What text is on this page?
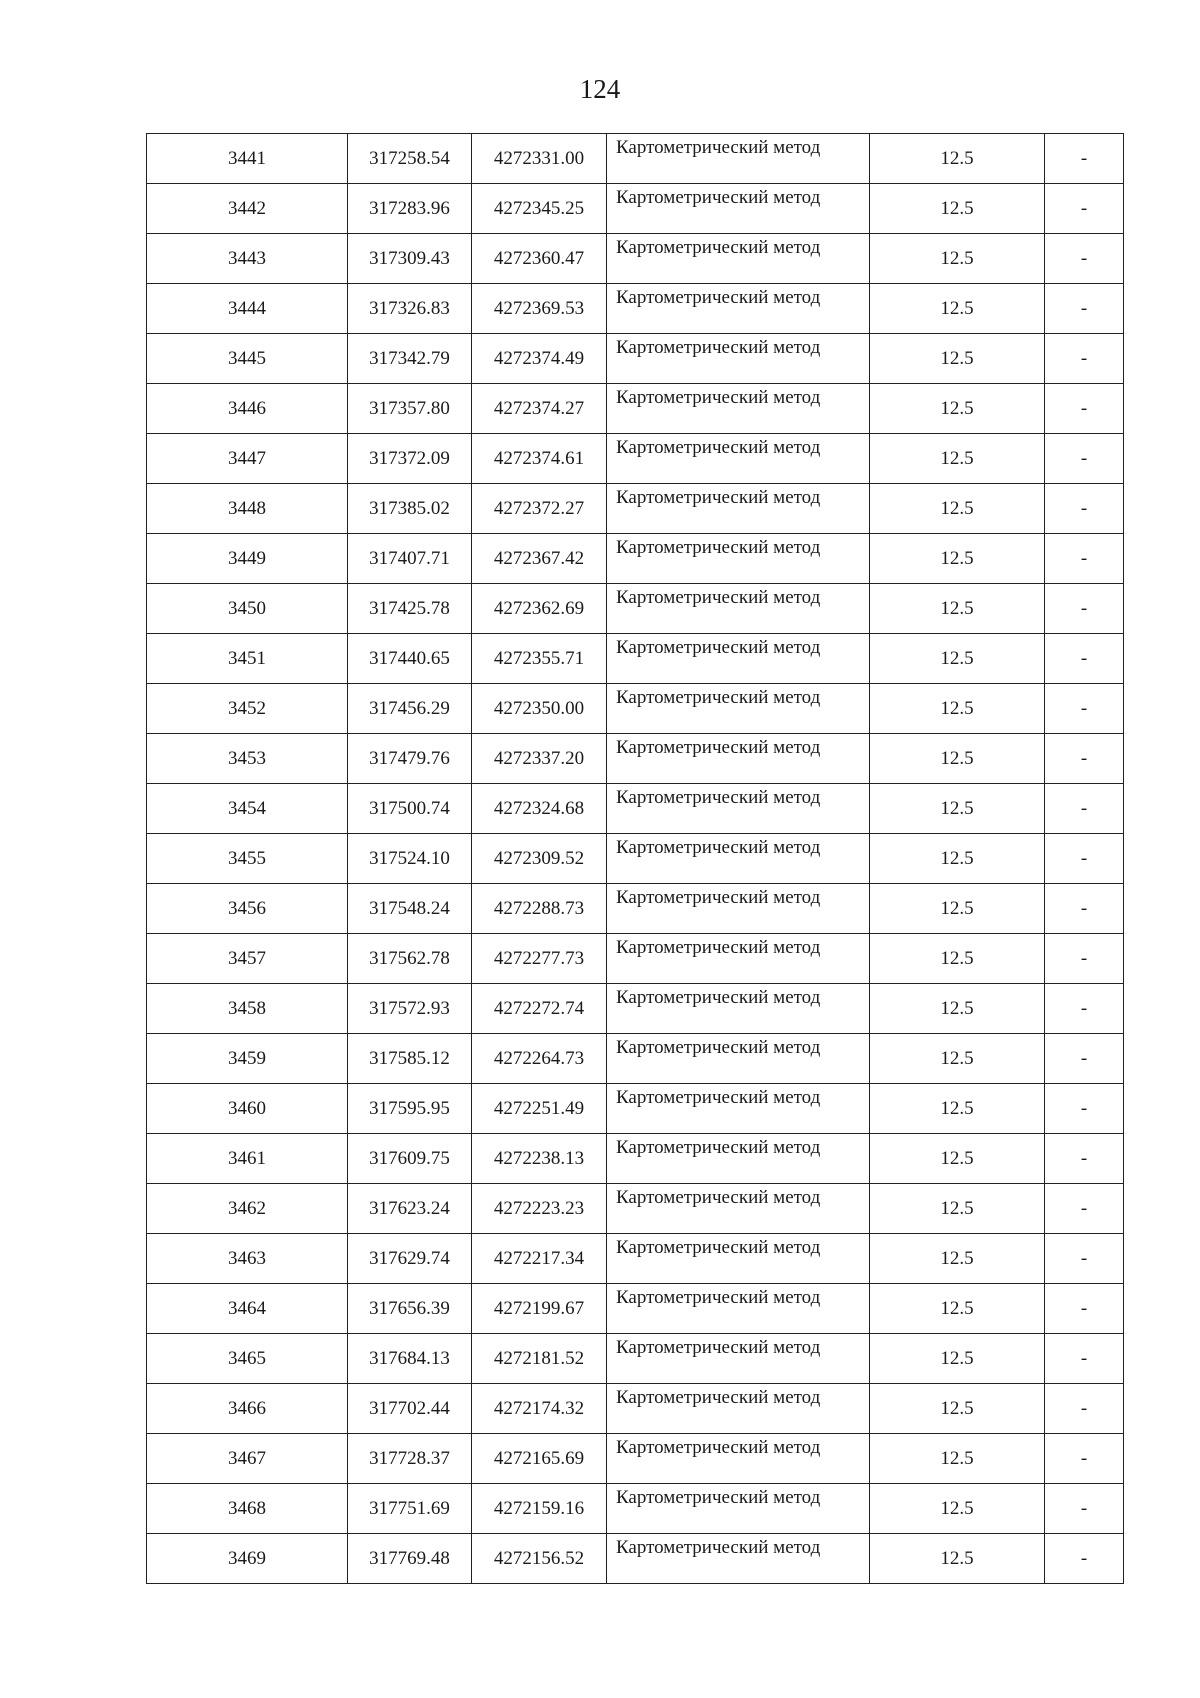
124
3441	317258.54	4272331.00	Картометрический метод	12.5	-
3442	317283.96	4272345.25	Картометрический метод	12.5	-
3443	317309.43	4272360.47	Картометрический метод	12.5	-
3444	317326.83	4272369.53	Картометрический метод	12.5	-
3445	317342.79	4272374.49	Картометрический метод	12.5	-
3446	317357.80	4272374.27	Картометрический метод	12.5	-
3447	317372.09	4272374.61	Картометрический метод	12.5	-
3448	317385.02	4272372.27	Картометрический метод	12.5	-
3449	317407.71	4272367.42	Картометрический метод	12.5	-
3450	317425.78	4272362.69	Картометрический метод	12.5	-
3451	317440.65	4272355.71	Картометрический метод	12.5	-
3452	317456.29	4272350.00	Картометрический метод	12.5	-
3453	317479.76	4272337.20	Картометрический метод	12.5	-
3454	317500.74	4272324.68	Картометрический метод	12.5	-
3455	317524.10	4272309.52	Картометрический метод	12.5	-
3456	317548.24	4272288.73	Картометрический метод	12.5	-
3457	317562.78	4272277.73	Картометрический метод	12.5	-
3458	317572.93	4272272.74	Картометрический метод	12.5	-
3459	317585.12	4272264.73	Картометрический метод	12.5	-
3460	317595.95	4272251.49	Картометрический метод	12.5	-
3461	317609.75	4272238.13	Картометрический метод	12.5	-
3462	317623.24	4272223.23	Картометрический метод	12.5	-
3463	317629.74	4272217.34	Картометрический метод	12.5	-
3464	317656.39	4272199.67	Картометрический метод	12.5	-
3465	317684.13	4272181.52	Картометрический метод	12.5	-
3466	317702.44	4272174.32	Картометрический метод	12.5	-
3467	317728.37	4272165.69	Картометрический метод	12.5	-
3468	317751.69	4272159.16	Картометрический метод	12.5	-
3469	317769.48	4272156.52	Картометрический метод	12.5	-
